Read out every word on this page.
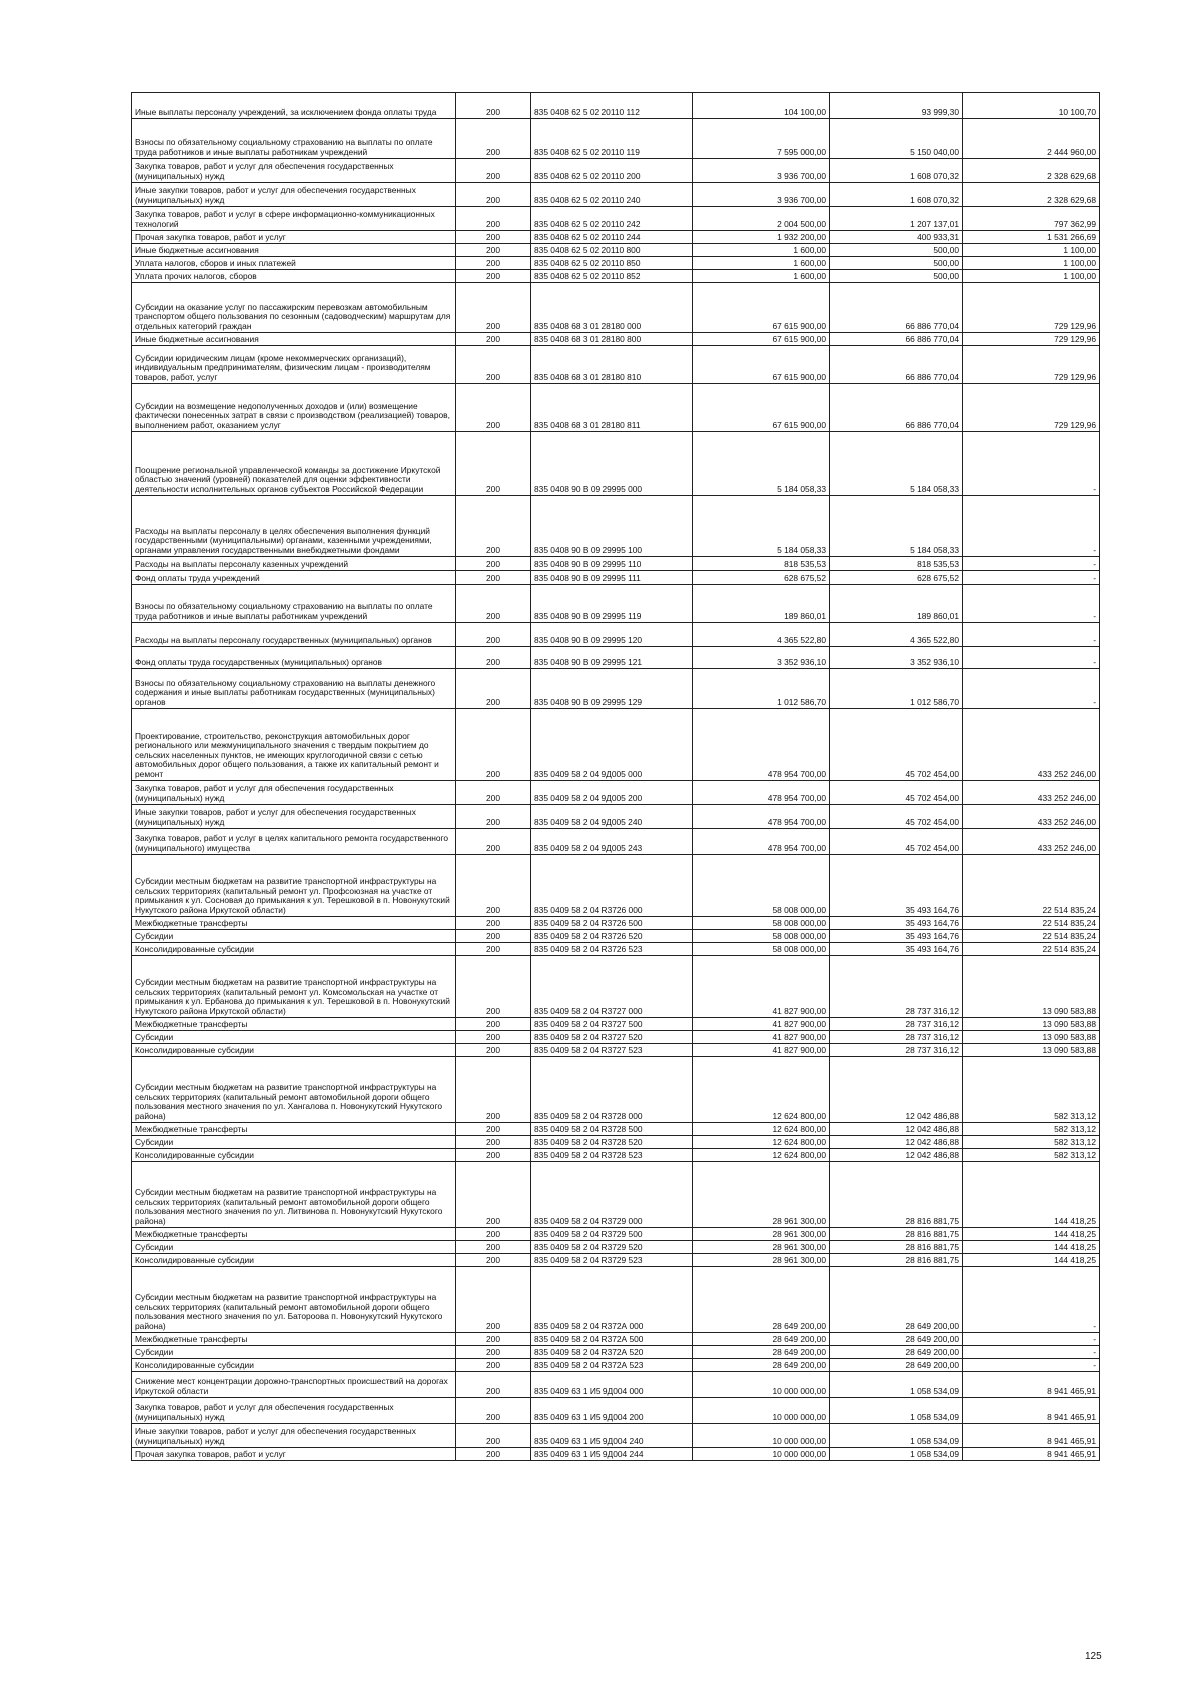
Иные выплаты персоналу учреждений, за исключением фонда оплаты труда	200	835 0408 62 5 02 20110 112	104 100,00	93 999,30	10 100,70
Взносы по обязательному социальному страхованию на выплаты по оплате труда работников и иные выплаты работникам учреждений	200	835 0408 62 5 02 20110 119	7 595 000,00	5 150 040,00	2 444 960,00
Закупка товаров, работ и услуг для обеспечения государственных (муниципальных) нужд	200	835 0408 62 5 02 20110 200	3 936 700,00	1 608 070,32	2 328 629,68
Иные закупки товаров, работ и услуг для обеспечения государственных (муниципальных) нужд	200	835 0408 62 5 02 20110 240	3 936 700,00	1 608 070,32	2 328 629,68
Закупка товаров, работ и услуг в сфере информационно-коммуникационных технологий	200	835 0408 62 5 02 20110 242	2 004 500,00	1 207 137,01	797 362,99
Прочая закупка товаров, работ и услуг	200	835 0408 62 5 02 20110 244	1 932 200,00	400 933,31	1 531 266,69
Иные бюджетные ассигнования	200	835 0408 62 5 02 20110 800	1 600,00	500,00	1 100,00
Уплата налогов, сборов и иных платежей	200	835 0408 62 5 02 20110 850	1 600,00	500,00	1 100,00
Уплата прочих налогов, сборов	200	835 0408 62 5 02 20110 852	1 600,00	500,00	1 100,00
Субсидии на оказание услуг по пассажирским перевозкам автомобильным транспортом общего пользования по сезонным (садоводческим) маршрутам для отдельных категорий граждан	200	835 0408 68 3 01 28180 000	67 615 900,00	66 886 770,04	729 129,96
Иные бюджетные ассигнования	200	835 0408 68 3 01 28180 800	67 615 900,00	66 886 770,04	729 129,96
Субсидии юридическим лицам (кроме некоммерческих организаций), индивидуальным предпринимателям, физическим лицам - производителям товаров, работ, услуг	200	835 0408 68 3 01 28180 810	67 615 900,00	66 886 770,04	729 129,96
Субсидии на возмещение недополученных доходов и (или) возмещение фактически понесенных затрат в связи с производством (реализацией) товаров, выполнением работ, оказанием услуг	200	835 0408 68 3 01 28180 811	67 615 900,00	66 886 770,04	729 129,96
Поощрение региональной управленческой команды за достижение Иркутской областью значений (уровней) показателей для оценки эффективности деятельности исполнительных органов субъектов Российской Федерации	200	835 0408 90 В 09 29995 000	5 184 058,33	5 184 058,33	-
Расходы на выплаты персоналу в целях обеспечения выполнения функций государственными (муниципальными) органами, казенными учреждениями, органами управления государственными внебюджетными фондами	200	835 0408 90 В 09 29995 100	5 184 058,33	5 184 058,33	-
Расходы на выплаты персоналу казенных учреждений	200	835 0408 90 В 09 29995 110	818 535,53	818 535,53	-
Фонд оплаты труда учреждений	200	835 0408 90 В 09 29995 111	628 675,52	628 675,52	-
Взносы по обязательному социальному страхованию на выплаты по оплате труда работников и иные выплаты работникам учреждений	200	835 0408 90 В 09 29995 119	189 860,01	189 860,01	-
Расходы на выплаты персоналу государственных (муниципальных) органов	200	835 0408 90 В 09 29995 120	4 365 522,80	4 365 522,80	-
Фонд оплаты труда государственных (муниципальных) органов	200	835 0408 90 В 09 29995 121	3 352 936,10	3 352 936,10	-
Взносы по обязательному социальному страхованию на выплаты денежного содержания и иные выплаты работникам государственных (муниципальных) органов	200	835 0408 90 В 09 29995 129	1 012 586,70	1 012 586,70	-
Проектирование, строительство, реконструкция автомобильных дорог регионального или межмуниципального значения с твердым покрытием до сельских населенных пунктов, не имеющих круглогодичной связи с сетью автомобильных дорог общего пользования, а также их капитальный ремонт и ремонт	200	835 0409 58 2 04 9Д005 000	478 954 700,00	45 702 454,00	433 252 246,00
Закупка товаров, работ и услуг для обеспечения государственных (муниципальных) нужд	200	835 0409 58 2 04 9Д005 200	478 954 700,00	45 702 454,00	433 252 246,00
Иные закупки товаров, работ и услуг для обеспечения государственных (муниципальных) нужд	200	835 0409 58 2 04 9Д005 240	478 954 700,00	45 702 454,00	433 252 246,00
Закупка товаров, работ и услуг в целях капитального ремонта государственного (муниципального) имущества	200	835 0409 58 2 04 9Д005 243	478 954 700,00	45 702 454,00	433 252 246,00
Субсидии местным бюджетам на развитие транспортной инфраструктуры на сельских территориях (капитальный ремонт ул. Профсоюзная на участке от примыкания к ул. Сосновая до примыкания к ул. Терешковой в п. Новонукутский Нукутского района Иркутской области)	200	835 0409 58 2 04 R3726 000	58 008 000,00	35 493 164,76	22 514 835,24
Межбюджетные трансферты	200	835 0409 58 2 04 R3726 500	58 008 000,00	35 493 164,76	22 514 835,24
Субсидии	200	835 0409 58 2 04 R3726 520	58 008 000,00	35 493 164,76	22 514 835,24
Консолидированные субсидии	200	835 0409 58 2 04 R3726 523	58 008 000,00	35 493 164,76	22 514 835,24
Субсидии местным бюджетам на развитие транспортной инфраструктуры на сельских территориях (капитальный ремонт ул. Комсомольская на участке от примыкания к ул. Ербанова до примыкания к ул. Терешковой в п. Новонукутский Нукутского района Иркутской области)	200	835 0409 58 2 04 R3727 000	41 827 900,00	28 737 316,12	13 090 583,88
Межбюджетные трансферты	200	835 0409 58 2 04 R3727 500	41 827 900,00	28 737 316,12	13 090 583,88
Субсидии	200	835 0409 58 2 04 R3727 520	41 827 900,00	28 737 316,12	13 090 583,88
Консолидированные субсидии	200	835 0409 58 2 04 R3727 523	41 827 900,00	28 737 316,12	13 090 583,88
Субсидии местным бюджетам на развитие транспортной инфраструктуры на сельских территориях (капитальный ремонт автомобильной дороги общего пользования местного значения по ул. Хангалова п. Новонукутский Нукутского района)	200	835 0409 58 2 04 R3728 000	12 624 800,00	12 042 486,88	582 313,12
Межбюджетные трансферты	200	835 0409 58 2 04 R3728 500	12 624 800,00	12 042 486,88	582 313,12
Субсидии	200	835 0409 58 2 04 R3728 520	12 624 800,00	12 042 486,88	582 313,12
Консолидированные субсидии	200	835 0409 58 2 04 R3728 523	12 624 800,00	12 042 486,88	582 313,12
Субсидии местным бюджетам на развитие транспортной инфраструктуры на сельских территориях (капитальный ремонт автомобильной дороги общего пользования местного значения по ул. Литвинова п. Новонукутский Нукутского района)	200	835 0409 58 2 04 R3729 000	28 961 300,00	28 816 881,75	144 418,25
Межбюджетные трансферты	200	835 0409 58 2 04 R3729 500	28 961 300,00	28 816 881,75	144 418,25
Субсидии	200	835 0409 58 2 04 R3729 520	28 961 300,00	28 816 881,75	144 418,25
Консолидированные субсидии	200	835 0409 58 2 04 R3729 523	28 961 300,00	28 816 881,75	144 418,25
Субсидии местным бюджетам на развитие транспортной инфраструктуры на сельских территориях (капитальный ремонт автомобильной дороги общего пользования местного значения по ул. Батороова п. Новонукутский Нукутского района)	200	835 0409 58 2 04 R372А 000	28 649 200,00	28 649 200,00	-
Межбюджетные трансферты	200	835 0409 58 2 04 R372А 500	28 649 200,00	28 649 200,00	-
Субсидии	200	835 0409 58 2 04 R372А 520	28 649 200,00	28 649 200,00	-
Консолидированные субсидии	200	835 0409 58 2 04 R372А 523	28 649 200,00	28 649 200,00	-
Снижение мест концентрации дорожно-транспортных происшествий на дорогах Иркутской области	200	835 0409 63 1 И5 9Д004 000	10 000 000,00	1 058 534,09	8 941 465,91
Закупка товаров, работ и услуг для обеспечения государственных (муниципальных) нужд	200	835 0409 63 1 И5 9Д004 200	10 000 000,00	1 058 534,09	8 941 465,91
Иные закупки товаров, работ и услуг для обеспечения государственных (муниципальных) нужд	200	835 0409 63 1 И5 9Д004 240	10 000 000,00	1 058 534,09	8 941 465,91
Прочая закупка товаров, работ и услуг	200	835 0409 63 1 И5 9Д004 244	10 000 000,00	1 058 534,09	8 941 465,91
125
